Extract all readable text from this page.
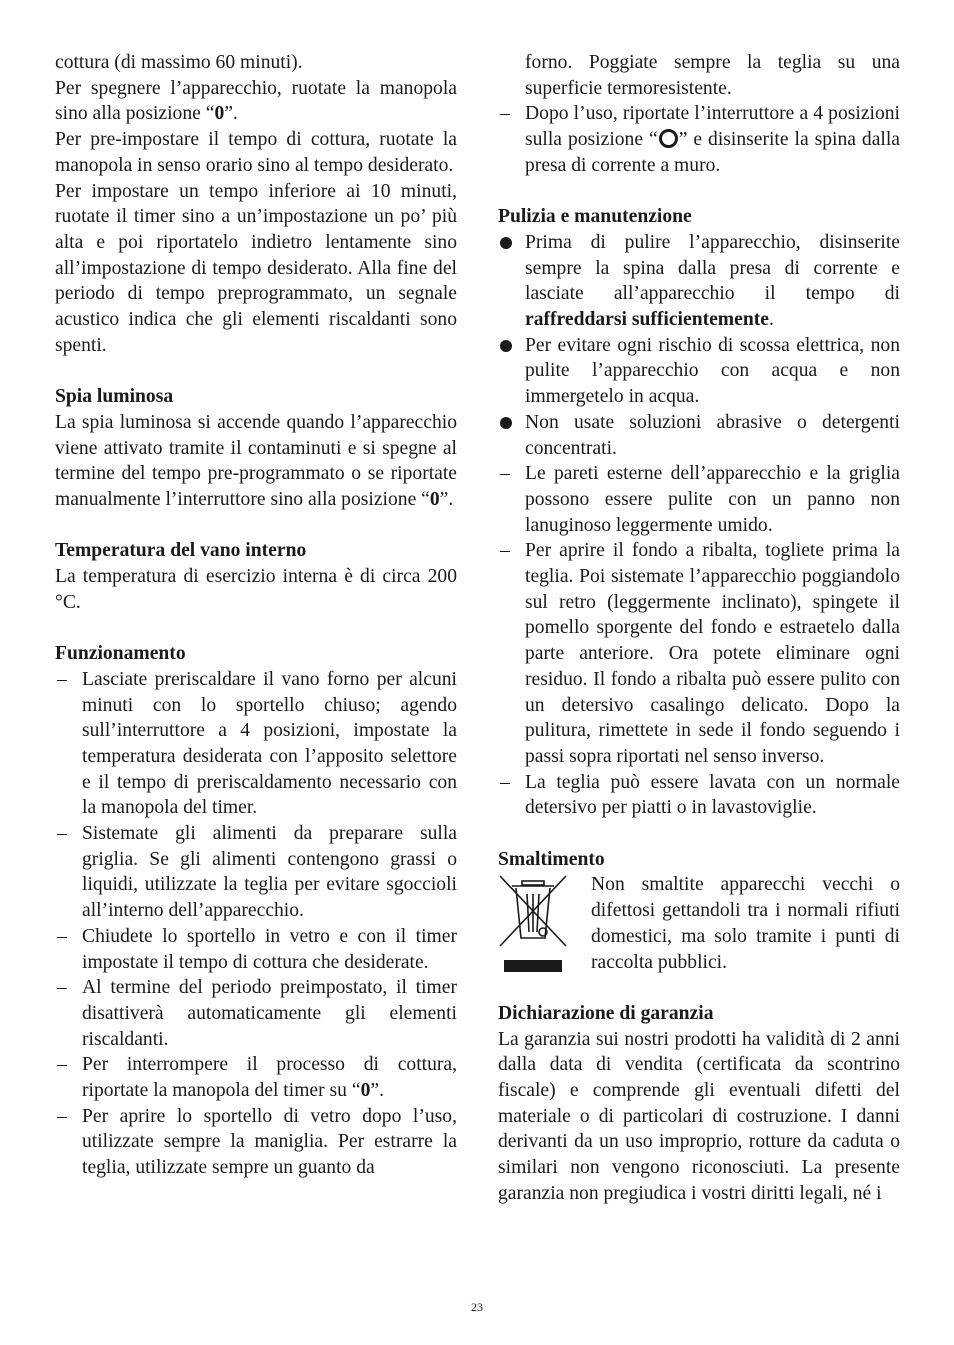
cottura (di massimo 60 minuti).

Per spegnere l’apparecchio, ruotate la manopola sino alla posizione “0”.

Per pre-impostare il tempo di cottura, ruotate la manopola in senso orario sino al tempo desiderato.

Per impostare un tempo inferiore ai 10 minuti, ruotate il timer sino a un’impostazione un po’ più alta e poi riportatelo indietro lentamente sino all’impostazione di tempo desiderato. Alla fine del periodo di tempo preprogrammato, un segnale acustico indica che gli elementi riscaldanti sono spenti.

Spia luminosa

La spia luminosa si accende quando l’apparecchio viene attivato tramite il contaminuti e si spegne al termine del tempo pre-programmato o se riportate manualmente l’interruttore sino alla posizione “0”.

Temperatura del vano interno

La temperatura di esercizio interna è di circa 200 °C.

Funzionamento
– Lasciate preriscaldare il vano forno per alcuni minuti con lo sportello chiuso; agendo sull’interruttore a 4 posizioni, impostate la temperatura desiderata con l’apposito selettore e il tempo di preriscaldamento necessario con la manopola del timer.
– Sistemate gli alimenti da preparare sulla griglia. Se gli alimenti contengono grassi o liquidi, utilizzate la teglia per evitare sgoccioli all’interno dell’apparecchio.
– Chiudete lo sportello in vetro e con il timer impostate il tempo di cottura che desiderate.
– Al termine del periodo preimpostato, il timer disattiverà automaticamente gli elementi riscaldanti.
– Per interrompere il processo di cottura, riportate la manopola del timer su “0”.
– Per aprire lo sportello di vetro dopo l’uso, utilizzate sempre la maniglia. Per estrarre la teglia, utilizzate sempre un guanto da
forno. Poggiate sempre la teglia su una superficie termoresistente.
– Dopo l’uso, riportate l’interruttore a 4 posizioni sulla posizione “ ” e disinserite la spina dalla presa di corrente a muro.
Pulizia e manutenzione
Prima di pulire l’apparecchio, disinserite sempre la spina dalla presa di corrente e lasciate all’apparecchio il tempo di raffreddarsi sufficientemente.
Per evitare ogni rischio di scossa elettrica, non pulite l’apparecchio con acqua e non immergetelo in acqua.
Non usate soluzioni abrasive o detergenti concentrati.
– Le pareti esterne dell’apparecchio e la griglia possono essere pulite con un panno non lanuginoso leggermente umido.
– Per aprire il fondo a ribalta, togliete prima la teglia. Poi sistemate l’apparecchio poggiandolo sul retro (leggermente inclinato), spingete il pomello sporgente del fondo e estraetelo dalla parte anteriore. Ora potete eliminare ogni residuo. Il fondo a ribalta può essere pulito con un detersivo casalingo delicato. Dopo la pulitura, rimettete in sede il fondo seguendo i passi sopra riportati nel senso inverso.
– La teglia può essere lavata con un normale detersivo per piatti o in lavastoviglie.
Smaltimento

Non smaltite apparecchi vecchi o difettosi gettandoli tra i normali rifiuti domestici, ma solo tramite i punti di raccolta pubblici.

Dichiarazione di garanzia

La garanzia sui nostri prodotti ha validità di 2 anni dalla data di vendita (certificata da scontrino fiscale) e comprende gli eventuali difetti del materiale o di particolari di costruzione. I danni derivanti da un uso improprio, rotture da caduta o similari non vengono riconosciuti. La presente garanzia non pregiudica i vostri diritti legali, né i

23
